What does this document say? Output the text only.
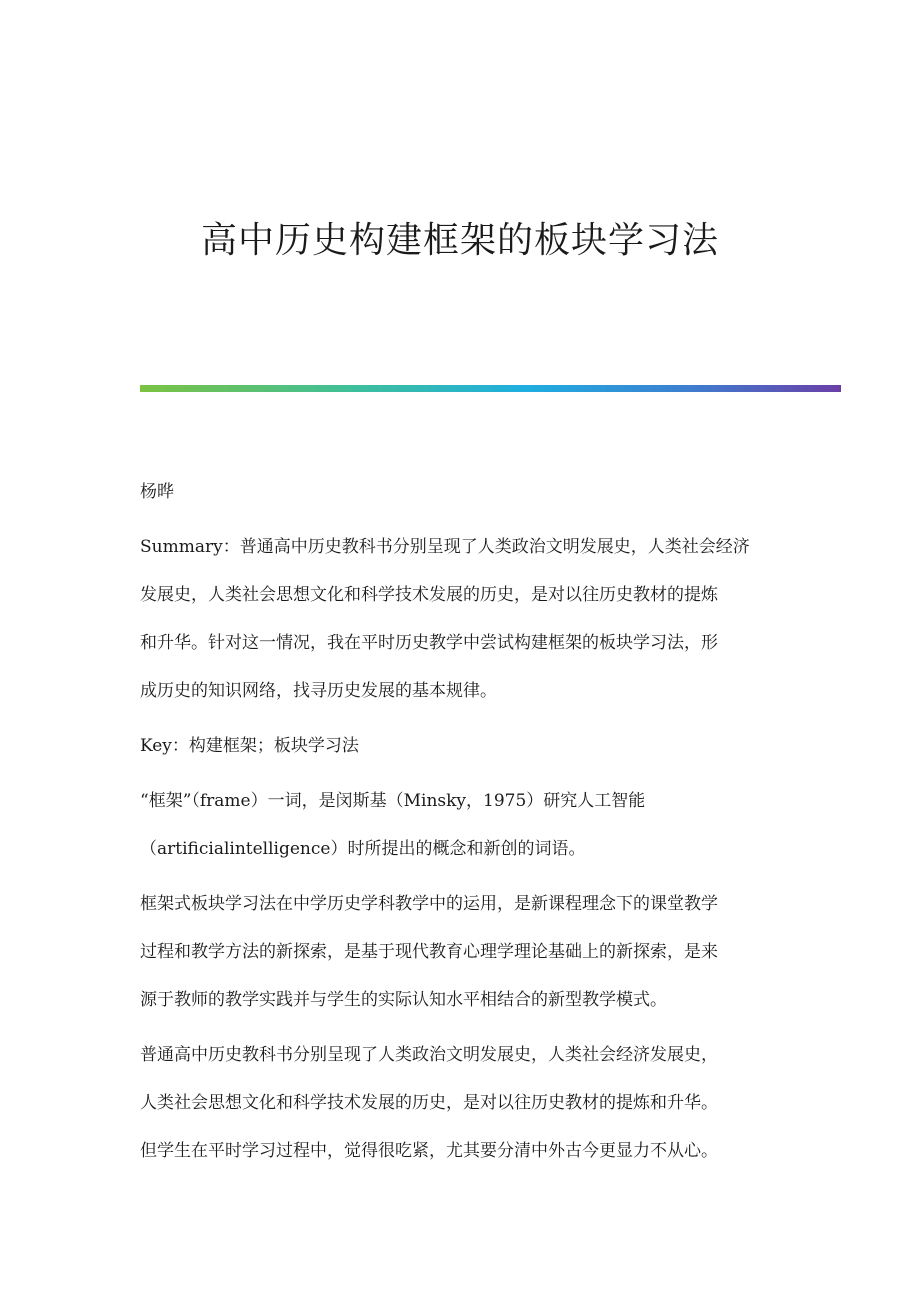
高中历史构建框架的板块学习法

杨晔

Summary：普通高中历史教科书分别呈现了人类政治文明发展史，人类社会经济
发展史，人类社会思想文化和科学技术发展的历史，是对以往历史教材的提炼
和升华。针对这一情况，我在平时历史教学中尝试构建框架的板块学习法，形
成历史的知识网络，找寻历史发展的基本规律。

Key：构建框架；板块学习法

“框架”（frame）一词，是闵斯基（Minsky，1975）研究人工智能
（artificialintelligence）时所提出的概念和新创的词语。

框架式板块学习法在中学历史学科教学中的运用，是新课程理念下的课堂教学
过程和教学方法的新探索，是基于现代教育心理学理论基础上的新探索，是来
源于教师的教学实践并与学生的实际认知水平相结合的新型教学模式。

普通高中历史教科书分别呈现了人类政治文明发展史，人类社会经济发展史，
人类社会思想文化和科学技术发展的历史，是对以往历史教材的提炼和升华。
但学生在平时学习过程中，觉得很吃紧，尤其要分清中外古今更显力不从心。
